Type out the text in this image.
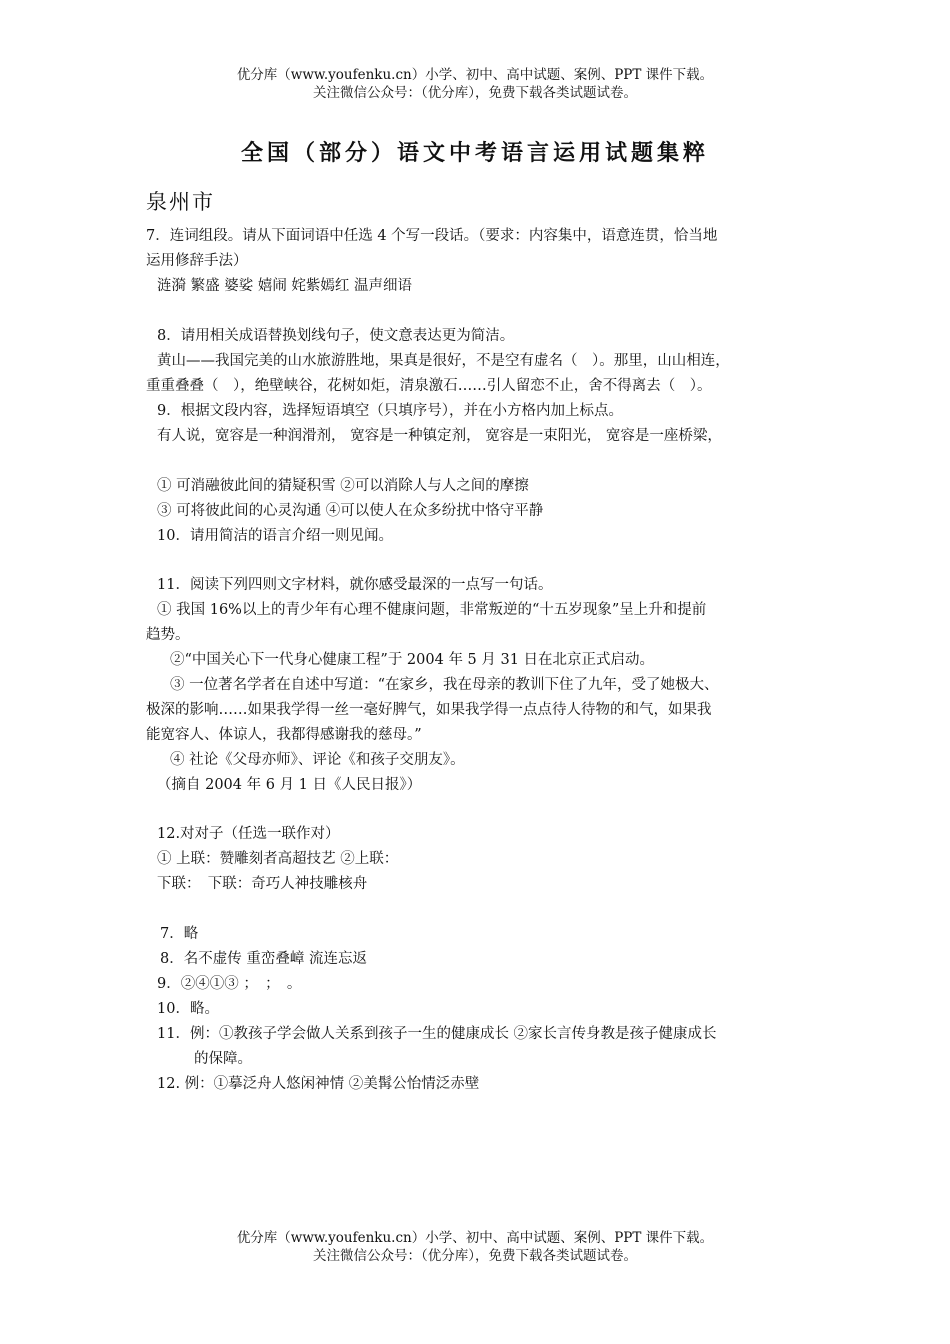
优分库（www.youfenku.cn）小学、初中、高中试题、案例、PPT 课件下载。
关注微信公众号：（优分库），免费下载各类试题试卷。
全国（部分）语文中考语言运用试题集粹
泉州市
7．连词组段。请从下面词语中任选 4 个写一段话。（要求：内容集中，语意连贯，恰当地
运用修辞手法）
涟漪 繁盛 婆娑 嬉闹 姹紫嫣红 温声细语
8．请用相关成语替换划线句子，使文意表达更为简洁。
黄山——我国完美的山水旅游胜地，果真是很好，不是空有虚名（　）。那里，山山相连，
重重叠叠（　），绝壁峡谷，花树如炬，清泉激石……引人留恋不止，舍不得离去（　）。
9．根据文段内容，选择短语填空（只填序号），并在小方格内加上标点。
有人说，宽容是一种润滑剂， 宽容是一种镇定剂， 宽容是一束阳光， 宽容是一座桥梁，
① 可消融彼此间的猜疑积雪 ②可以消除人与人之间的摩擦
③ 可将彼此间的心灵沟通 ④可以使人在众多纷扰中恪守平静
10．请用简洁的语言介绍一则见闻。
11．阅读下列四则文字材料，就你感受最深的一点写一句话。
① 我国 16%以上的青少年有心理不健康问题，非常叛逆的“十五岁现象”呈上升和提前
趋势。
②“中国关心下一代身心健康工程”于 2004 年 5 月 31 日在北京正式启动。
③ 一位著名学者在自述中写道：“在家乡，我在母亲的教训下住了九年，受了她极大、
极深的影响……如果我学得一丝一毫好脾气，如果我学得一点点待人待物的和气，如果我
能宽容人、体谅人，我都得感谢我的慈母。”
④ 社论《父母亦师》、评论《和孩子交朋友》。
（摘自 2004 年 6 月 1 日《人民日报》）
12.对对子（任选一联作对）
① 上联：赞雕刻者高超技艺 ②上联：
下联：　下联：奇巧人神技雕核舟
7．略
8．名不虚传 重峦叠嶂 流连忘返
9．②④①③ ；　；　。
10．略。
11．例：①教孩子学会做人关系到孩子一生的健康成长 ②家长言传身教是孩子健康成长
的保障。
12. 例：①摹泛舟人悠闲神情 ②美髯公怡情泛赤壁
优分库（www.youfenku.cn）小学、初中、高中试题、案例、PPT 课件下载。
关注微信公众号：（优分库），免费下载各类试题试卷。
